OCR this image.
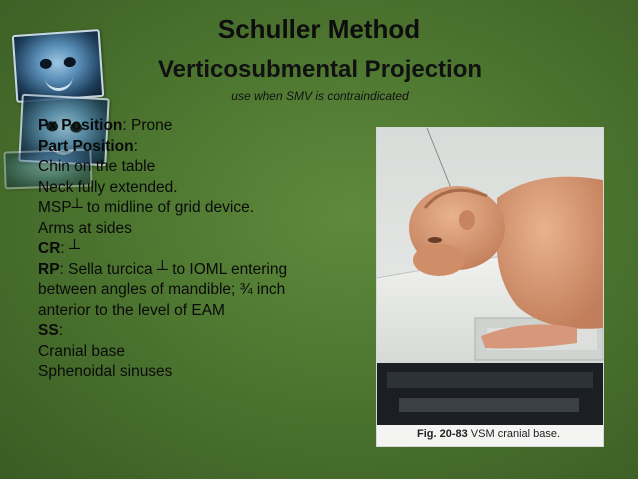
Schuller Method
Verticosubmental Projection

use when SMV is contraindicated

Px Position: Prone
Part Position:
Chin on the table
Neck fully extended.
MSP┴ to midline of grid device.
Arms at sides
CR: ┴
RP: Sella turcica ┴ to IOML entering
between angles of mandible; ¾ inch
anterior to the level of EAM
SS:
Cranial base
Sphenoidal sinuses
Fig. 20-83 VSM cranial base.
